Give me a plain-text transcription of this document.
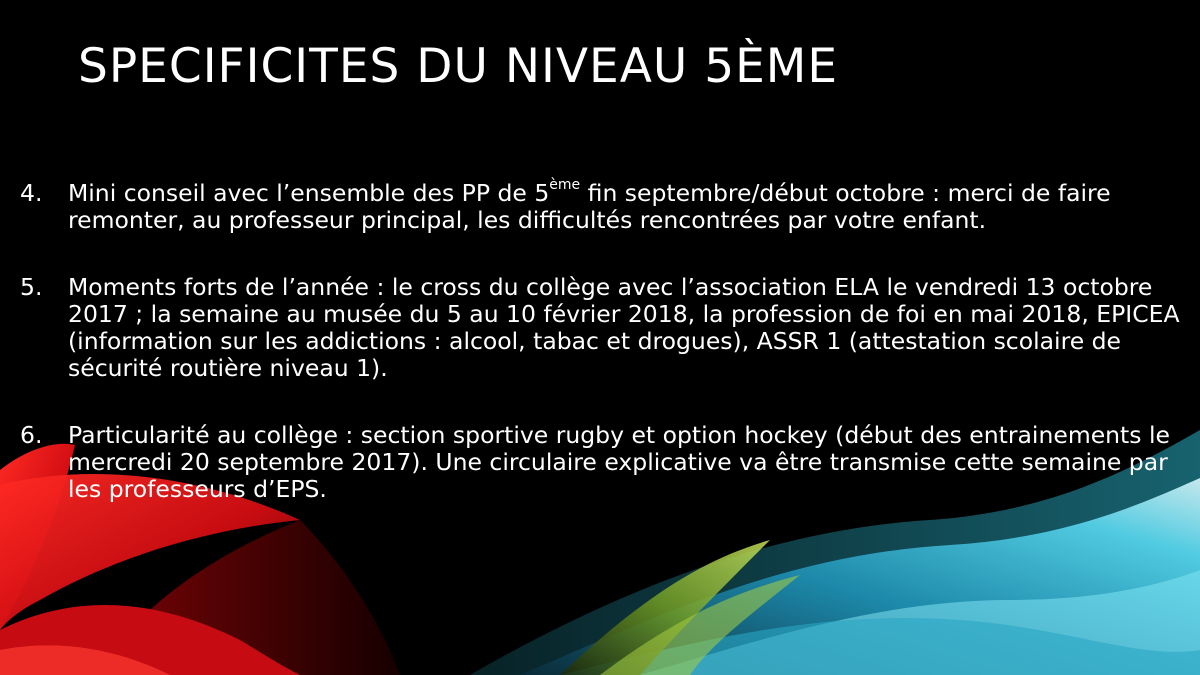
SPECIFICITES DU NIVEAU 5ÈME
4.	Mini conseil avec l’ensemble des PP de 5ème fin septembre/début octobre : merci de faire remonter, au professeur principal, les difficultés rencontrées par votre enfant.
5.	Moments forts de l’année : le cross du collège avec l’association ELA le vendredi 13 octobre 2017 ; la semaine au musée du 5 au 10 février 2018, la profession de foi en mai 2018, EPICEA (information sur les addictions : alcool, tabac et drogues), ASSR 1 (attestation scolaire de sécurité routière niveau 1).
6.	Particularité au collège : section sportive rugby et option hockey (début des entrainements le mercredi 20 septembre 2017). Une circulaire explicative va être transmise cette semaine par les professeurs d’EPS.
